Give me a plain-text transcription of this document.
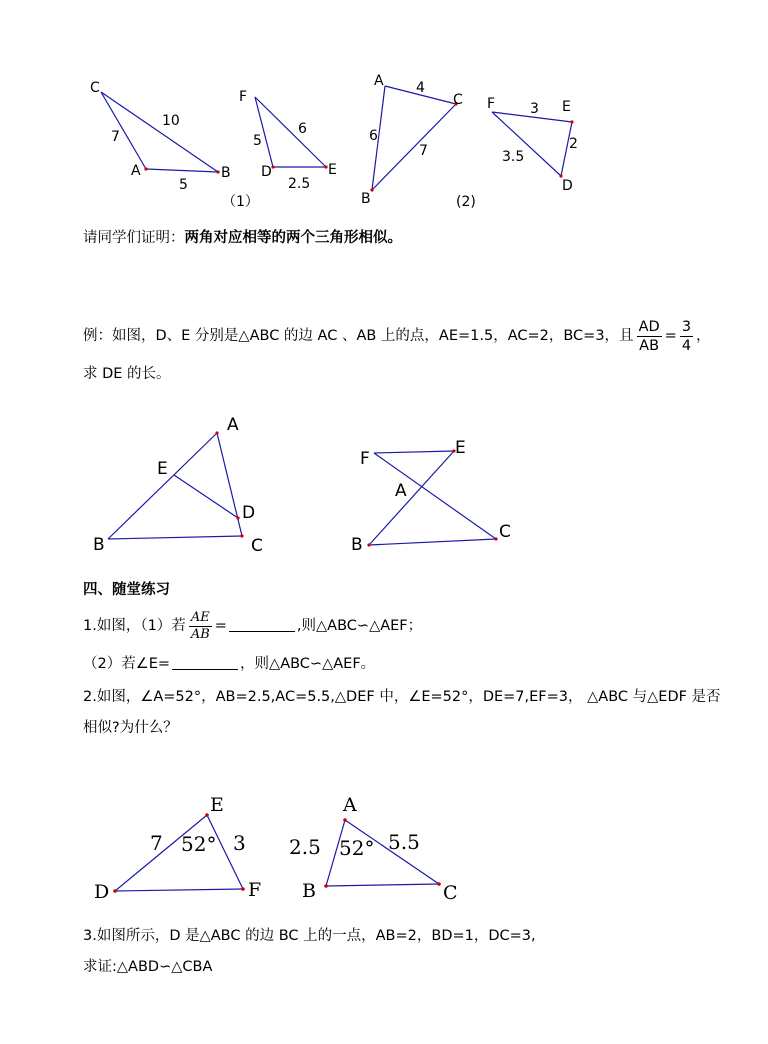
C
A	B
7
10
5
F
D	E
5
6
2.5
（1）
A
C
B
4
6
7
(2)
F	E
D
3
2
3.5
请同学们证明：两角对应相等的两个三角形相似。
例：如图，D、E 分别是△ABC 的边 AC 、AB 上的点，AE=1.5，AC=2，BC=3，且 $\frac{AD}{AB} = \frac{3}{4}$ ，
求 DE 的长。
A
E
D
B	C
F
E
A
B
C
四、随堂练习
1.如图，（1）若 $\frac{AE}{AB}$ =	,则△ABC∽△AEF；
（2）若∠E=	，则△ABC∽△AEF。
2.如图，∠A=52°，AB=2.5,AC=5.5,△DEF 中，∠E=52°，DE=7,EF=3， △ABC 与△EDF 是否
相似?为什么？
E
D	F
7 52° 3
A
B	C
2.5 52° 5.5
3.如图所示，D 是△ABC 的边 BC 上的一点，AB=2，BD=1，DC=3,
求证:△ABD∽△CBA
